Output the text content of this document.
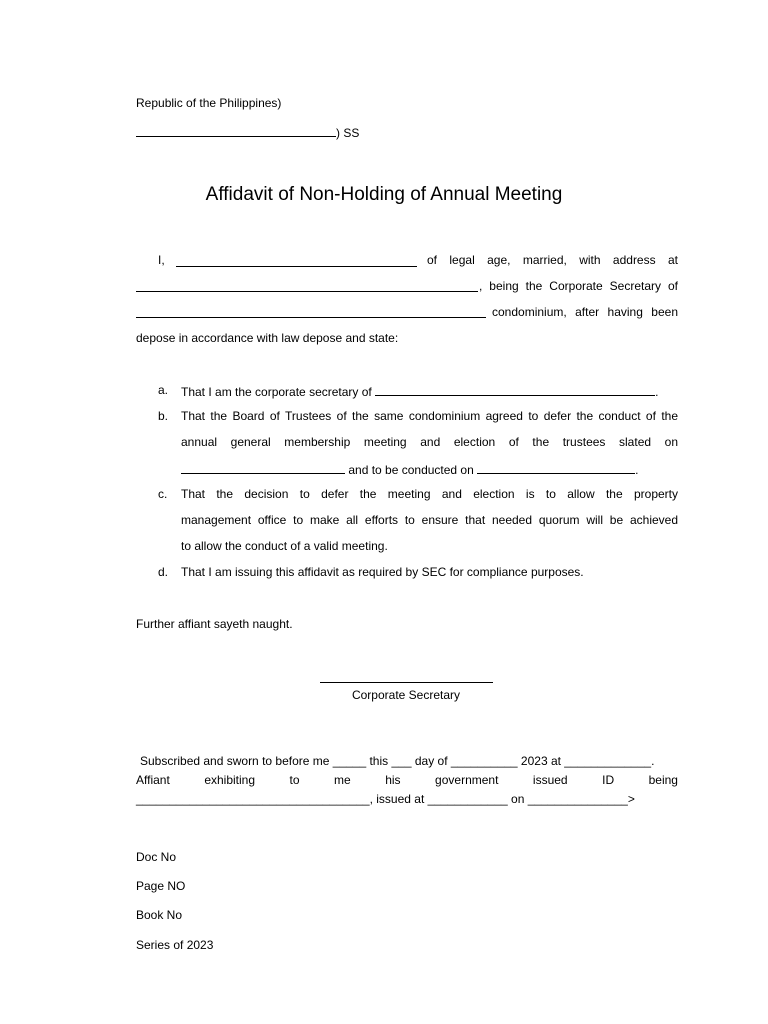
Republic of the Philippines)
) SS
Affidavit of Non-Holding of Annual Meeting
I,	of legal age, married, with address at
, being the Corporate Secretary of
condominium, after having been
depose in accordance with law depose and state:
a. That I am the corporate secretary of	.
b. That the Board of Trustees of the same condominium agreed to defer the conduct of the
annual general membership meeting and election of the trustees slated on
and to be conducted on	.
c. That the decision to defer the meeting and election is to allow the property
management office to make all efforts to ensure that needed quorum will be achieved
to allow the conduct of a valid meeting.
d. That I am issuing this affidavit as required by SEC for compliance purposes.
Further affiant sayeth naught.
Corporate Secretary
Subscribed and sworn to before me _____ this ___ day of __________ 2023 at _____________.
Affiant	exhibiting	to	me	his	government	issued	ID	being
___________________________________, issued at ____________ on _______________>
Doc No
Page NO
Book No
Series of 2023
